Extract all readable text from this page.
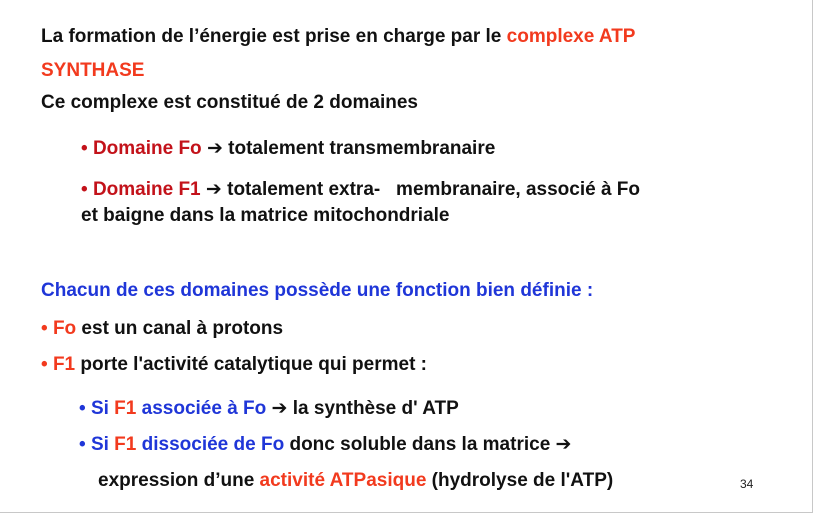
La formation de l’énergie est prise en charge par le complexe ATP
SYNTHASE
Ce complexe est constitué de 2 domaines
• Domaine Fo ➔ totalement transmembranaire
• Domaine F1 ➔ totalement extra-   membranaire, associé à Fo
et baigne dans la matrice mitochondriale
Chacun de ces domaines possède une fonction bien définie :
• Fo est un canal à protons
• F1 porte l'activité catalytique qui permet :
• Si F1 associée à Fo ➔ la synthèse d' ATP
• Si F1 dissociée de Fo donc soluble dans la matrice ➔
expression d’une activité ATPasique (hydrolyse de l'ATP)	34
